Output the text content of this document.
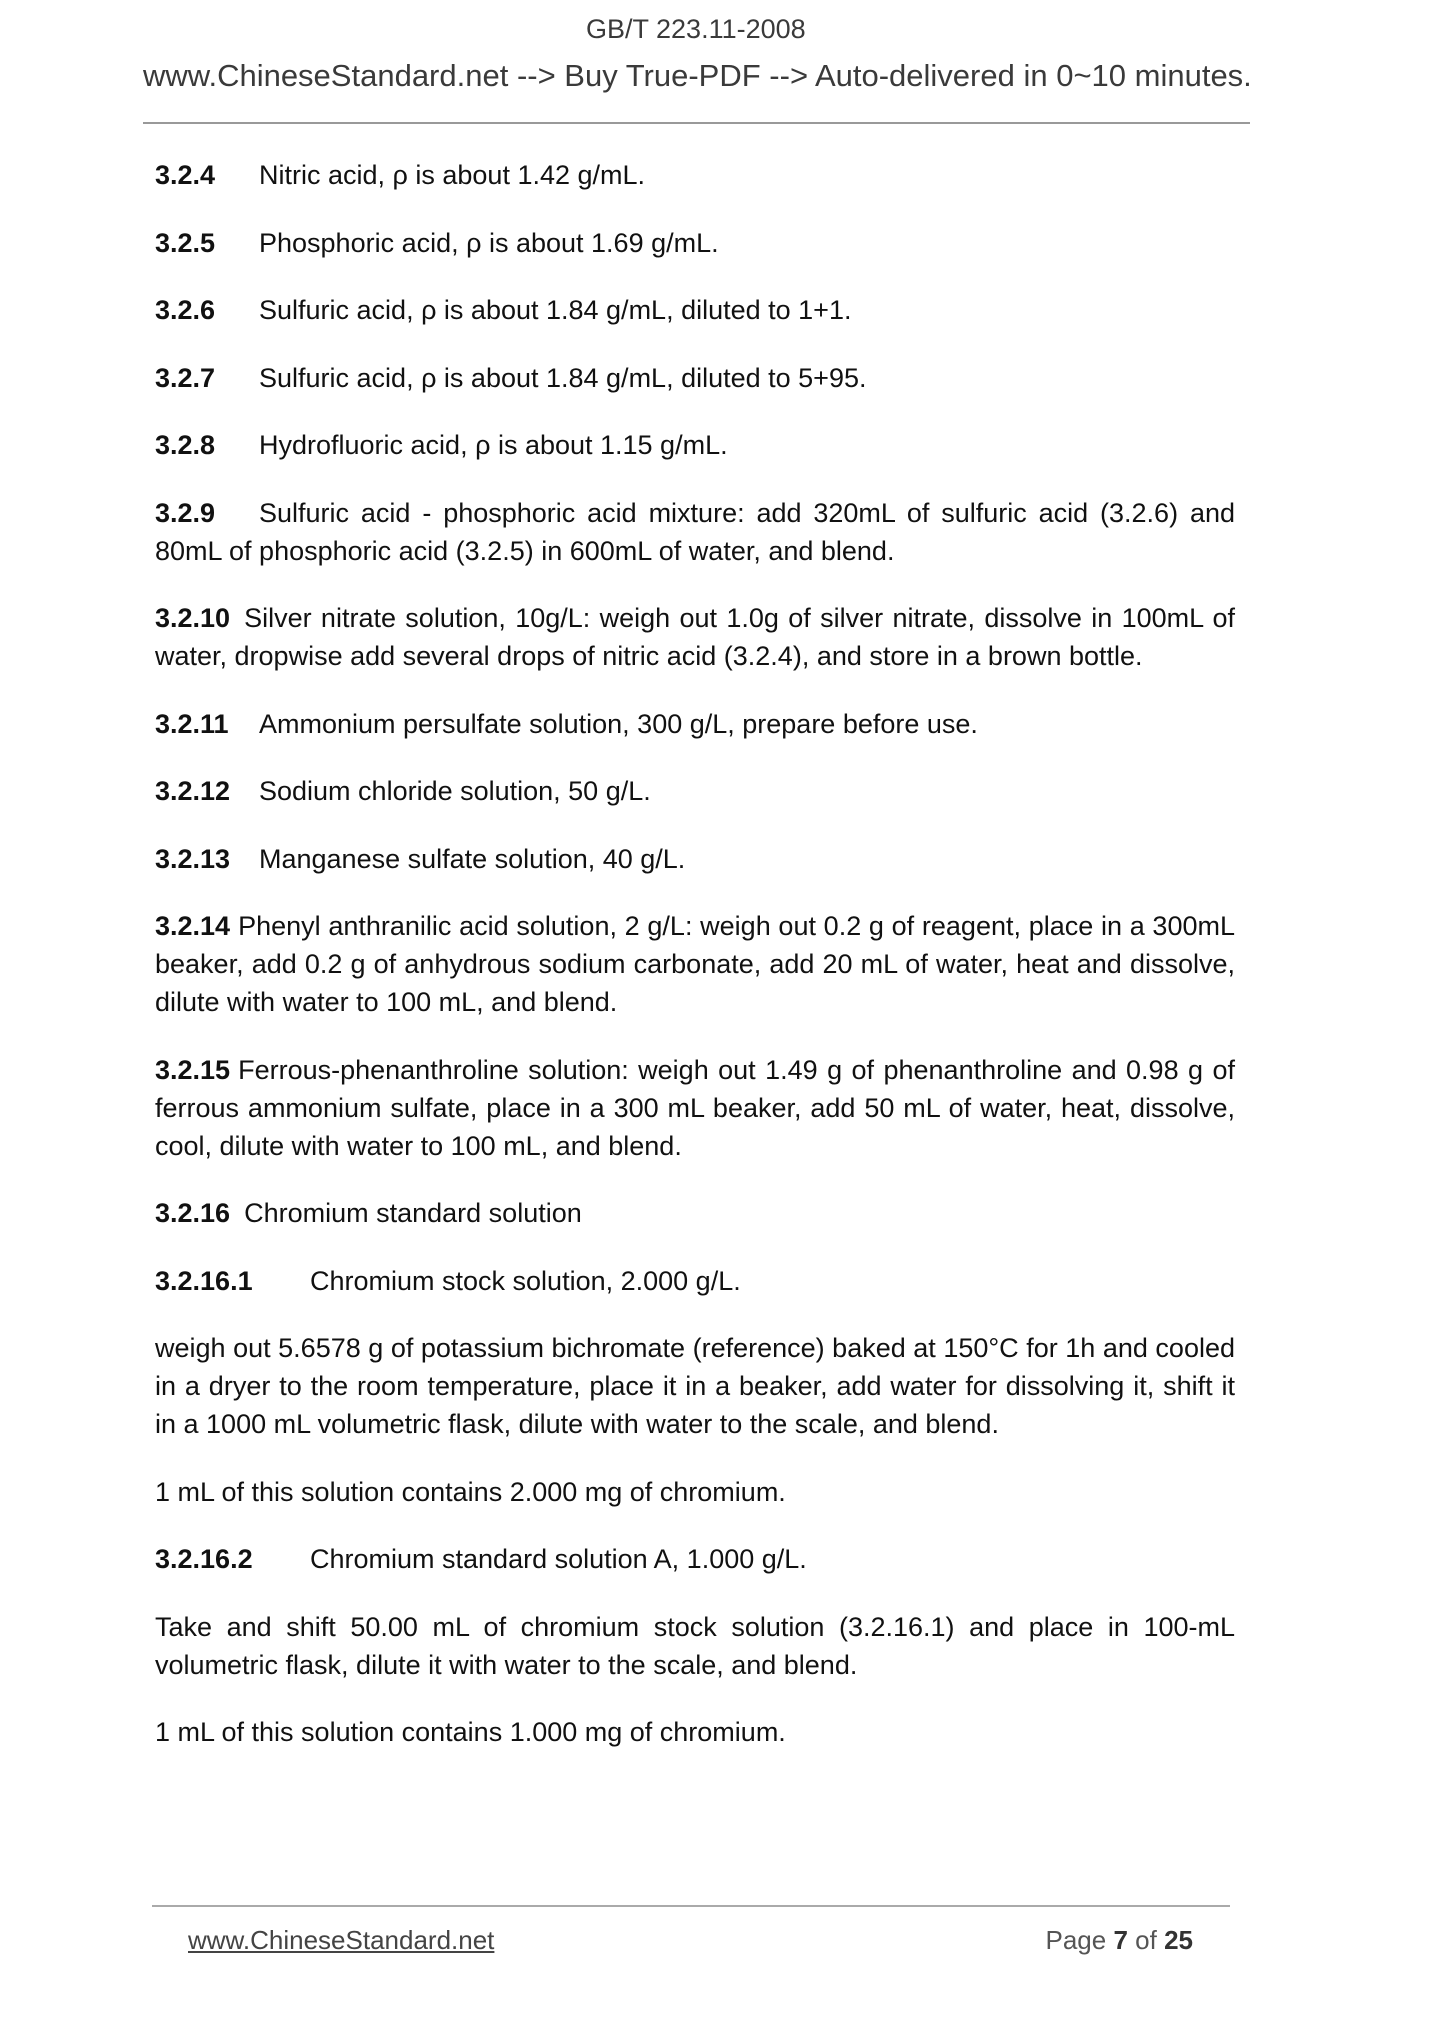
GB/T 223.11-2008
www.ChineseStandard.net --> Buy True-PDF --> Auto-delivered in 0~10 minutes.

3.2.4 Nitric acid, ρ is about 1.42 g/mL.

3.2.5 Phosphoric acid, ρ is about 1.69 g/mL.

3.2.6 Sulfuric acid, ρ is about 1.84 g/mL, diluted to 1+1.

3.2.7 Sulfuric acid, ρ is about 1.84 g/mL, diluted to 5+95.

3.2.8 Hydrofluoric acid, ρ is about 1.15 g/mL.

3.2.9 Sulfuric acid - phosphoric acid mixture: add 320mL of sulfuric acid (3.2.6) and 80mL of phosphoric acid (3.2.5) in 600mL of water, and blend.

3.2.10 Silver nitrate solution, 10g/L: weigh out 1.0g of silver nitrate, dissolve in 100mL of water, dropwise add several drops of nitric acid (3.2.4), and store in a brown bottle.

3.2.11 Ammonium persulfate solution, 300 g/L, prepare before use.

3.2.12 Sodium chloride solution, 50 g/L.

3.2.13 Manganese sulfate solution, 40 g/L.

3.2.14 Phenyl anthranilic acid solution, 2 g/L: weigh out 0.2 g of reagent, place in a 300mL beaker, add 0.2 g of anhydrous sodium carbonate, add 20 mL of water, heat and dissolve, dilute with water to 100 mL, and blend.

3.2.15 Ferrous-phenanthroline solution: weigh out 1.49 g of phenanthroline and 0.98 g of ferrous ammonium sulfate, place in a 300 mL beaker, add 50 mL of water, heat, dissolve, cool, dilute with water to 100 mL, and blend.

3.2.16 Chromium standard solution

3.2.16.1 Chromium stock solution, 2.000 g/L.

weigh out 5.6578 g of potassium bichromate (reference) baked at 150°C for 1h and cooled in a dryer to the room temperature, place it in a beaker, add water for dissolving it, shift it in a 1000 mL volumetric flask, dilute with water to the scale, and blend.

1 mL of this solution contains 2.000 mg of chromium.

3.2.16.2 Chromium standard solution A, 1.000 g/L.

Take and shift 50.00 mL of chromium stock solution (3.2.16.1) and place in 100-mL volumetric flask, dilute it with water to the scale, and blend.

1 mL of this solution contains 1.000 mg of chromium.

www.ChineseStandard.net	Page 7 of 25
